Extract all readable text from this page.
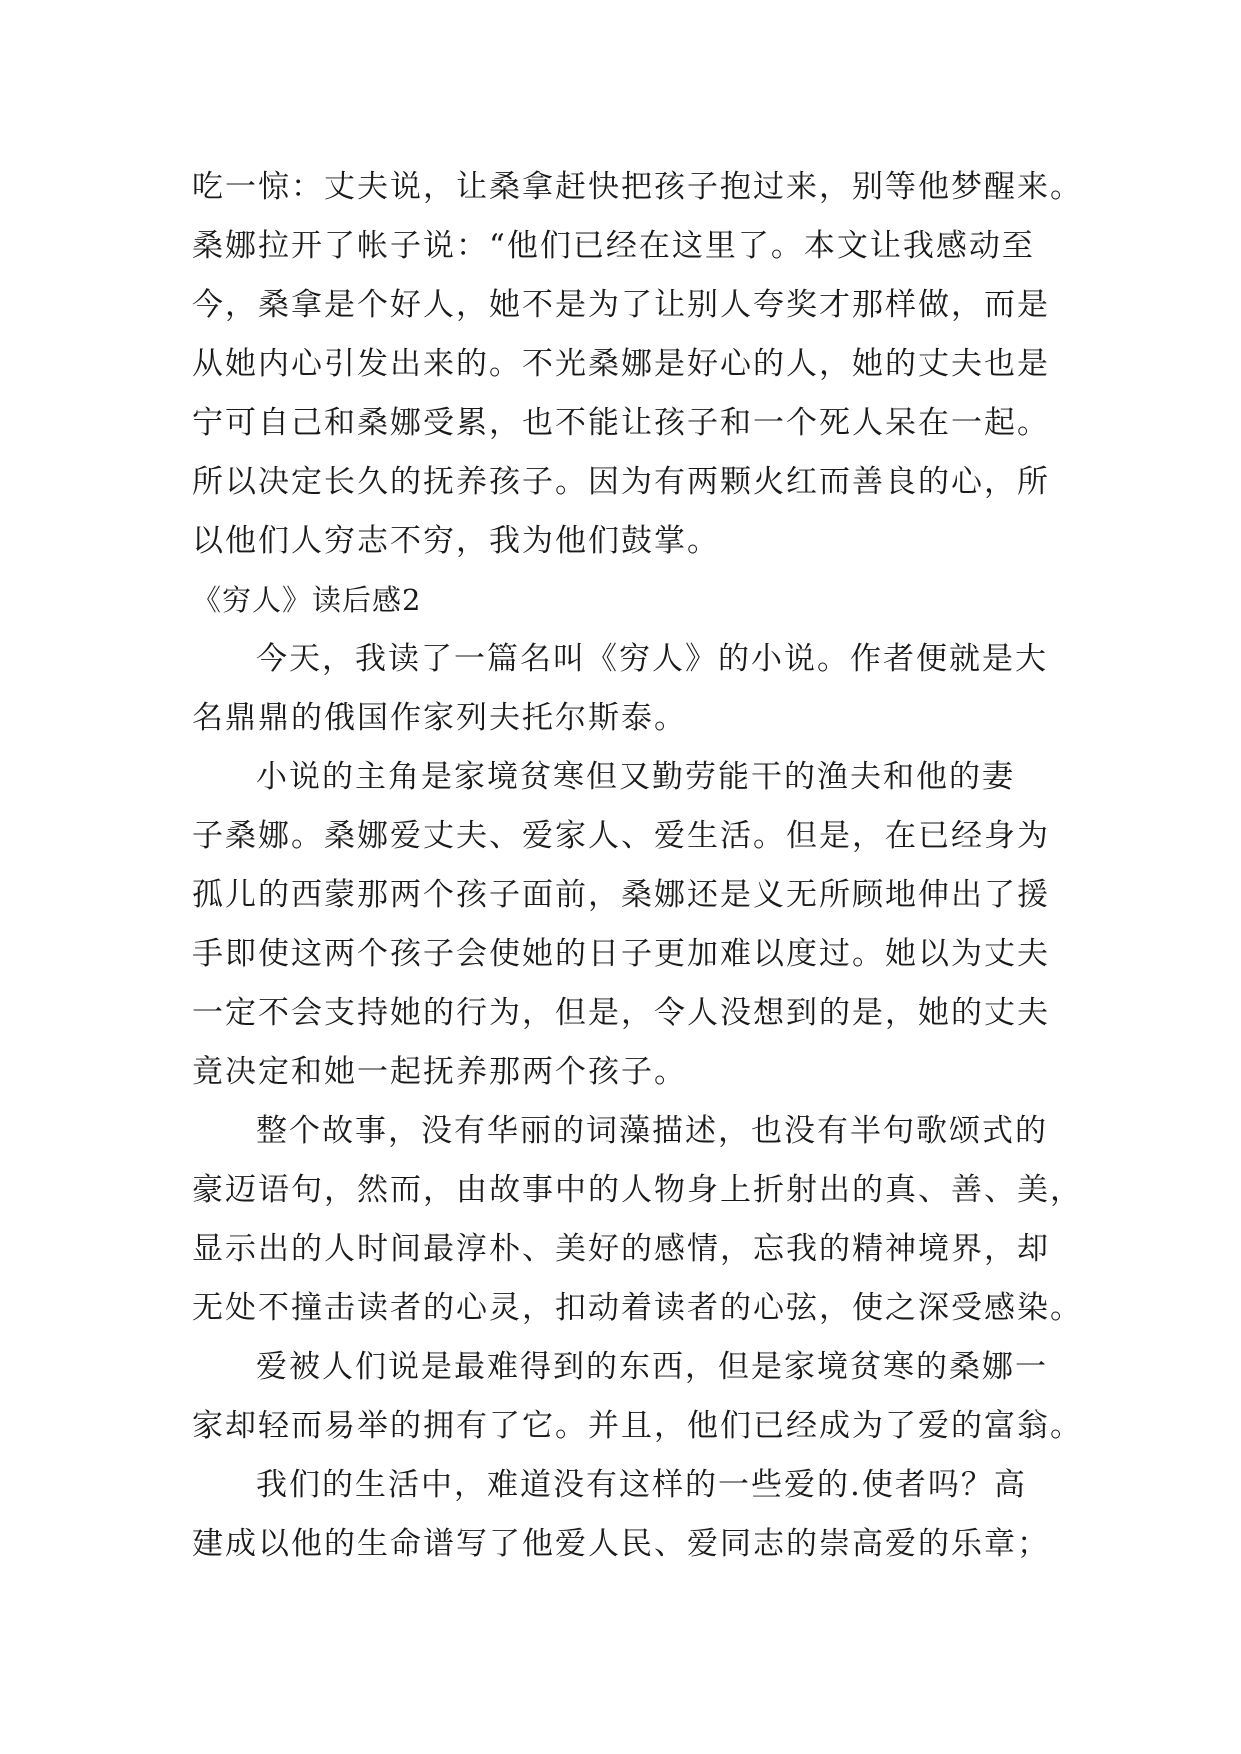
吃一惊：丈夫说，让桑拿赶快把孩子抱过来，别等他梦醒来。
桑娜拉开了帐子说：“他们已经在这里了。本文让我感动至
今，桑拿是个好人，她不是为了让别人夸奖才那样做，而是
从她内心引发出来的。不光桑娜是好心的人，她的丈夫也是
宁可自己和桑娜受累，也不能让孩子和一个死人呆在一起。
所以决定长久的抚养孩子。因为有两颗火红而善良的心，所
以他们人穷志不穷，我为他们鼓掌。
《穷人》读后感2
今天，我读了一篇名叫《穷人》的小说。作者便就是大
名鼎鼎的俄国作家列夫托尔斯泰。
小说的主角是家境贫寒但又勤劳能干的渔夫和他的妻
子桑娜。桑娜爱丈夫、爱家人、爱生活。但是，在已经身为
孤儿的西蒙那两个孩子面前，桑娜还是义无所顾地伸出了援
手即使这两个孩子会使她的日子更加难以度过。她以为丈夫
一定不会支持她的行为，但是，令人没想到的是，她的丈夫
竟决定和她一起抚养那两个孩子。
整个故事，没有华丽的词藻描述，也没有半句歌颂式的
豪迈语句，然而，由故事中的人物身上折射出的真、善、美，
显示出的人时间最淳朴、美好的感情，忘我的精神境界，却
无处不撞击读者的心灵，扣动着读者的心弦，使之深受感染。
爱被人们说是最难得到的东西，但是家境贫寒的桑娜一
家却轻而易举的拥有了它。并且，他们已经成为了爱的富翁。
我们的生活中，难道没有这样的一些爱的.使者吗？高
建成以他的生命谱写了他爱人民、爱同志的崇高爱的乐章；
